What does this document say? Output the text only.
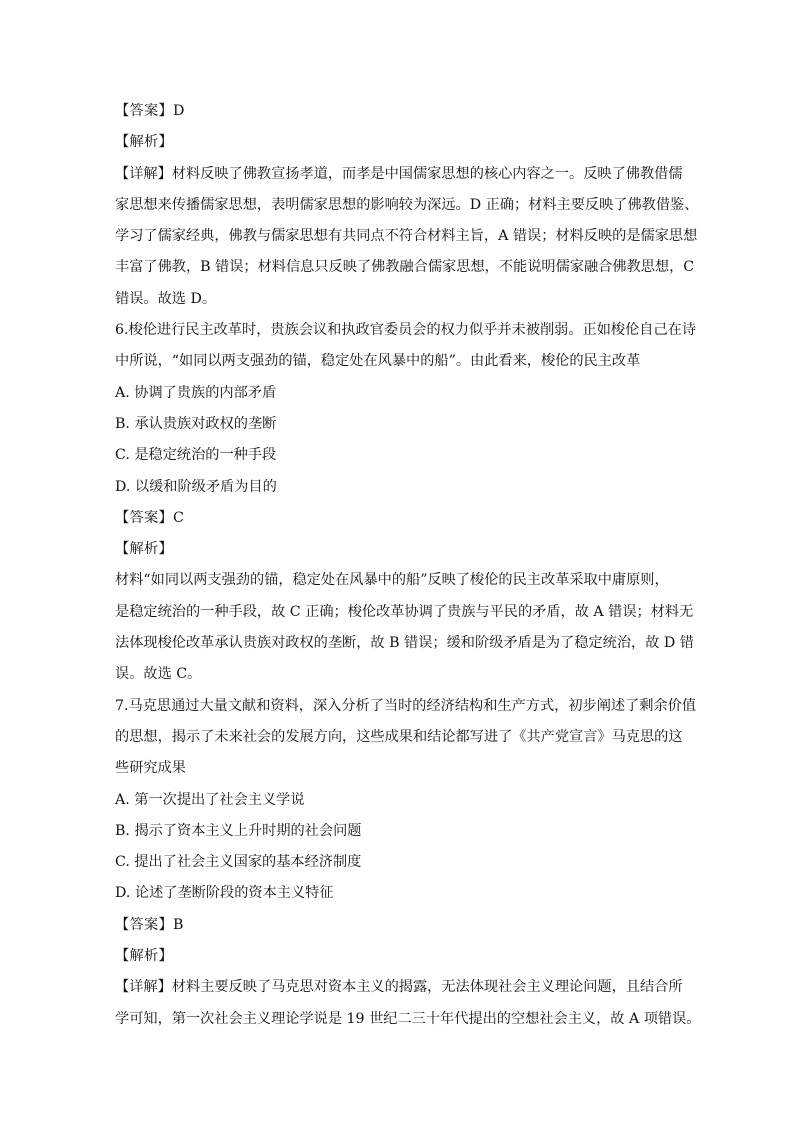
【答案】D
【解析】
【详解】材料反映了佛教宣扬孝道，而孝是中国儒家思想的核心内容之一。反映了佛教借儒
家思想来传播儒家思想，表明儒家思想的影响较为深远。D 正确；材料主要反映了佛教借鉴、
学习了儒家经典，佛教与儒家思想有共同点不符合材料主旨，A 错误；材料反映的是儒家思想
丰富了佛教，B 错误；材料信息只反映了佛教融合儒家思想，不能说明儒家融合佛教思想，C
错误。故选 D。
6.梭伦进行民主改革时，贵族会议和执政官委员会的权力似乎并未被削弱。正如梭伦自己在诗
中所说，“如同以两支强劲的锚，稳定处在风暴中的船”。由此看来，梭伦的民主改革
A. 协调了贵族的内部矛盾
B. 承认贵族对政权的垄断
C. 是稳定统治的一种手段
D. 以缓和阶级矛盾为目的
【答案】C
【解析】
材料“如同以两支强劲的锚，稳定处在风暴中的船”反映了梭伦的民主改革采取中庸原则，
是稳定统治的一种手段，故 C 正确；梭伦改革协调了贵族与平民的矛盾，故 A 错误；材料无
法体现梭伦改革承认贵族对政权的垄断，故 B 错误；缓和阶级矛盾是为了稳定统治，故 D 错
误。故选 C。
7.马克思通过大量文献和资料，深入分析了当时的经济结构和生产方式，初步阐述了剩余价值
的思想，揭示了未来社会的发展方向，这些成果和结论都写进了《共产党宣言》马克思的这
些研究成果
A. 第一次提出了社会主义学说
B. 揭示了资本主义上升时期的社会问题
C. 提出了社会主义国家的基本经济制度
D. 论述了垄断阶段的资本主义特征
【答案】B
【解析】
【详解】材料主要反映了马克思对资本主义的揭露，无法体现社会主义理论问题，且结合所
学可知，第一次社会主义理论学说是 19 世纪二三十年代提出的空想社会主义，故 A 项错误。
